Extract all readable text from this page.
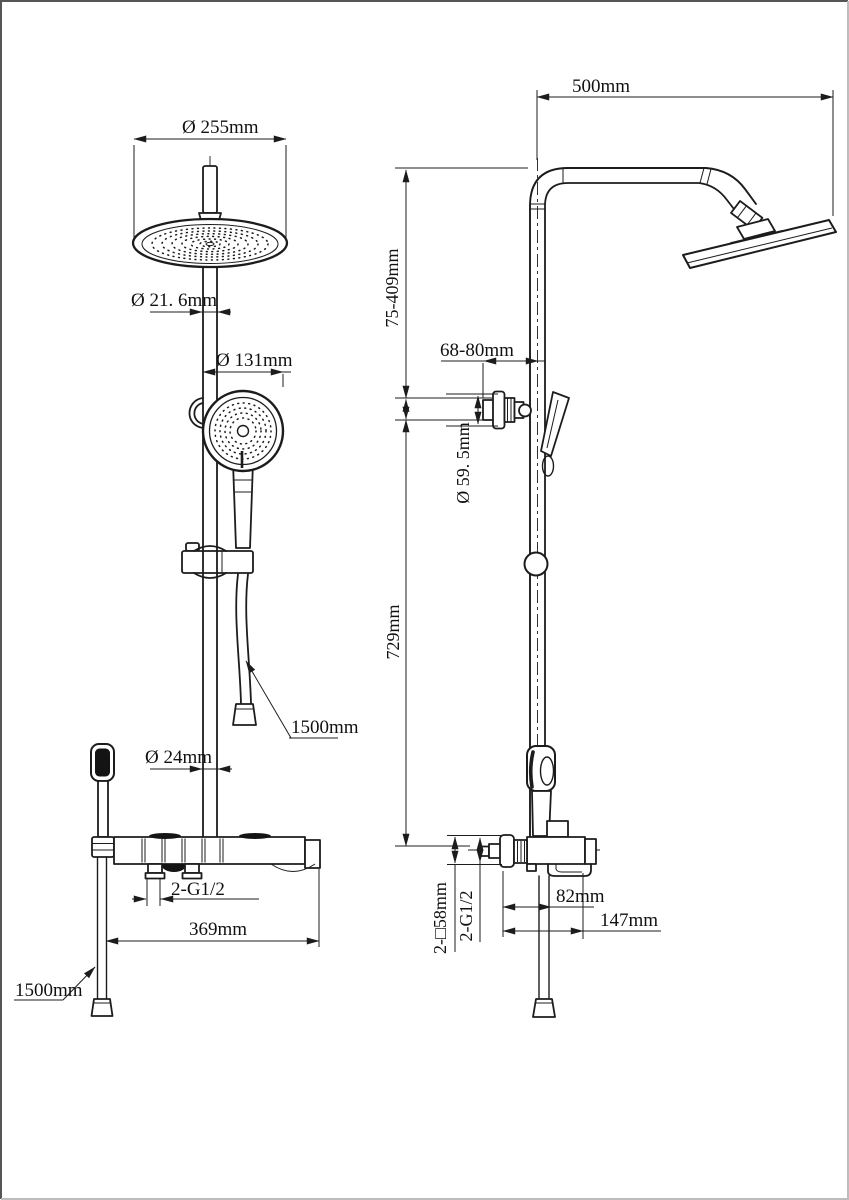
Ø 255mm
Ø 21. 6mm
Ø 131mm
1500mm
Ø 24mm
2-G1/2
369mm
1500mm
500mm
75-409mm
68-80mm
Ø 59. 5mm
729mm
2-□58mm 2-G1/2	82mm
147mm
